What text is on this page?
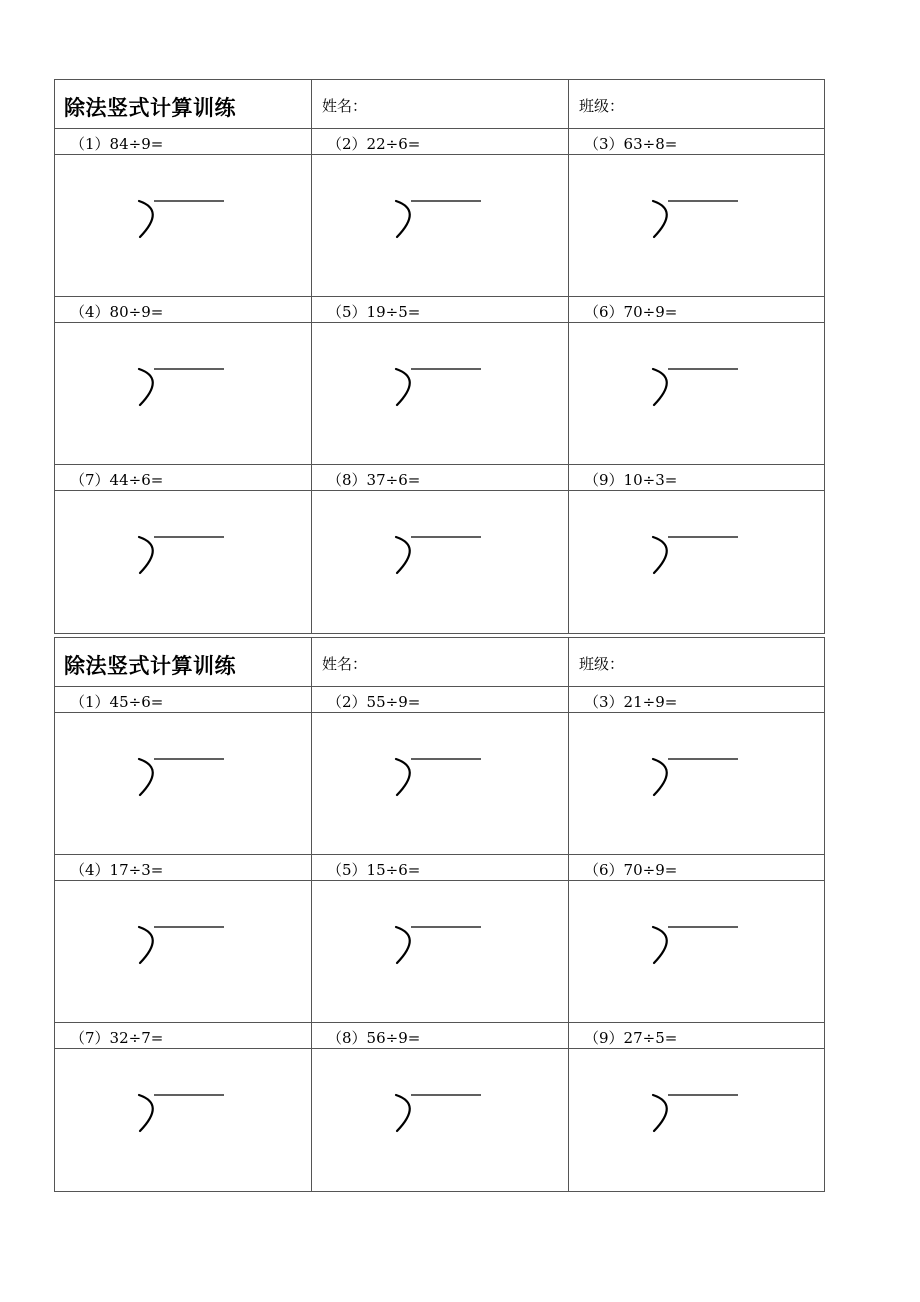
除法竖式计算训练	姓名：	班级：
（1）84÷9=	（2）22÷6=	（3）63÷8=
（4）80÷9=	（5）19÷5=	（6）70÷9=
（7）44÷6=	（8）37÷6=	（9）10÷3=
除法竖式计算训练	姓名：	班级：
（1）45÷6=	（2）55÷9=	（3）21÷9=
（4）17÷3=	（5）15÷6=	（6）70÷9=
（7）32÷7=	（8）56÷9=	（9）27÷5=
